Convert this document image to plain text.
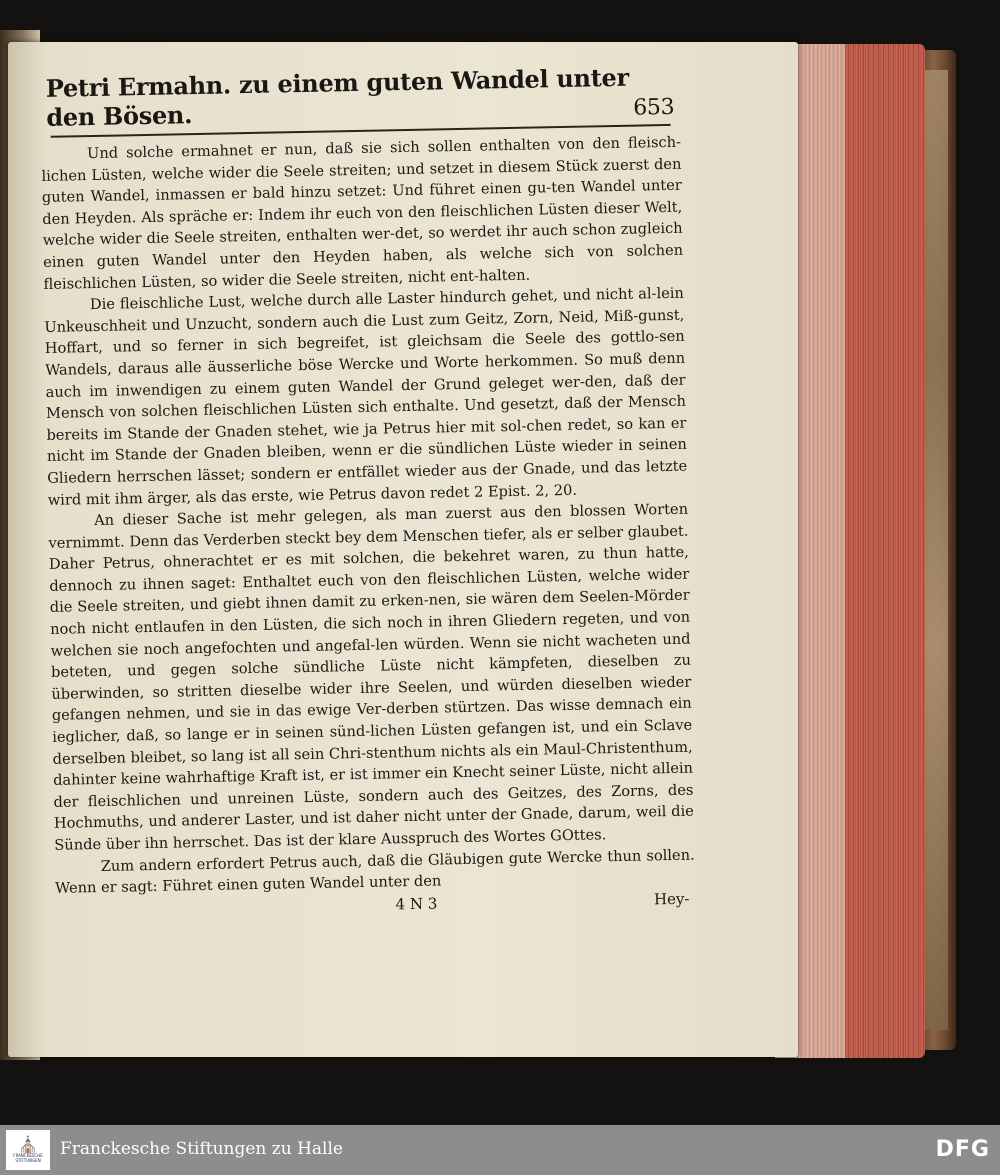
Petri Ermahn. zu einem guten Wandel unter den Bösen.	653

Und solche ermahnet er nun, daß sie sich sollen enthalten von den fleisch-lichen Lüsten, welche wider die Seele streiten; und setzet in diesem Stück zuerst den guten Wandel, inmassen er bald hinzu setzet: Und führet einen gu-ten Wandel unter den Heyden. Als spräche er: Indem ihr euch von den fleischlichen Lüsten dieser Welt, welche wider die Seele streiten, enthalten wer-det, so werdet ihr auch schon zugleich einen guten Wandel unter den Heyden haben, als welche sich von solchen fleischlichen Lüsten, so wider die Seele streiten, nicht ent-halten.

Die fleischliche Lust, welche durch alle Laster hindurch gehet, und nicht al-lein Unkeuschheit und Unzucht, sondern auch die Lust zum Geitz, Zorn, Neid, Miß-gunst, Hoffart, und so ferner in sich begreifet, ist gleichsam die Seele des gottlo-sen Wandels, daraus alle äusserliche böse Wercke und Worte herkommen. So muß denn auch im inwendigen zu einem guten Wandel der Grund geleget wer-den, daß der Mensch von solchen fleischlichen Lüsten sich enthalte. Und gesetzt, daß der Mensch bereits im Stande der Gnaden stehet, wie ja Petrus hier mit sol-chen redet, so kan er nicht im Stande der Gnaden bleiben, wenn er die sündlichen Lüste wieder in seinen Gliedern herrschen lässet; sondern er entfället wieder aus der Gnade, und das letzte wird mit ihm ärger, als das erste, wie Petrus davon redet 2 Epist. 2, 20.

An dieser Sache ist mehr gelegen, als man zuerst aus den blossen Worten vernimmt. Denn das Verderben steckt bey dem Menschen tiefer, als er selber glaubet. Daher Petrus, ohnerachtet er es mit solchen, die bekehret waren, zu thun hatte, dennoch zu ihnen saget: Enthaltet euch von den fleischlichen Lüsten, welche wider die Seele streiten, und giebt ihnen damit zu erken-nen, sie wären dem Seelen-Mörder noch nicht entlaufen in den Lüsten, die sich noch in ihren Gliedern regeten, und von welchen sie noch angefochten und angefal-len würden. Wenn sie nicht wacheten und beteten, und gegen solche sündliche Lüste nicht kämpfeten, dieselben zu überwinden, so stritten dieselbe wider ihre Seelen, und würden dieselben wieder gefangen nehmen, und sie in das ewige Ver-derben stürtzen. Das wisse demnach ein ieglicher, daß, so lange er in seinen sünd-lichen Lüsten gefangen ist, und ein Sclave derselben bleibet, so lang ist all sein Chri-stenthum nichts als ein Maul-Christenthum, dahinter keine wahrhaftige Kraft ist, er ist immer ein Knecht seiner Lüste, nicht allein der fleischlichen und unreinen Lüste, sondern auch des Geitzes, des Zorns, des Hochmuths, und anderer Laster, und ist daher nicht unter der Gnade, darum, weil die Sünde über ihn herrschet. Das ist der klare Ausspruch des Wortes GOttes.

Zum andern erfordert Petrus auch, daß die Gläubigen gute Wercke thun sollen. Wenn er sagt: Führet einen guten Wandel unter den

4 N 3	Hey-
⛪
FRANCKESCHE STIFTUNGEN
Franckesche Stiftungen zu Halle	DFG
